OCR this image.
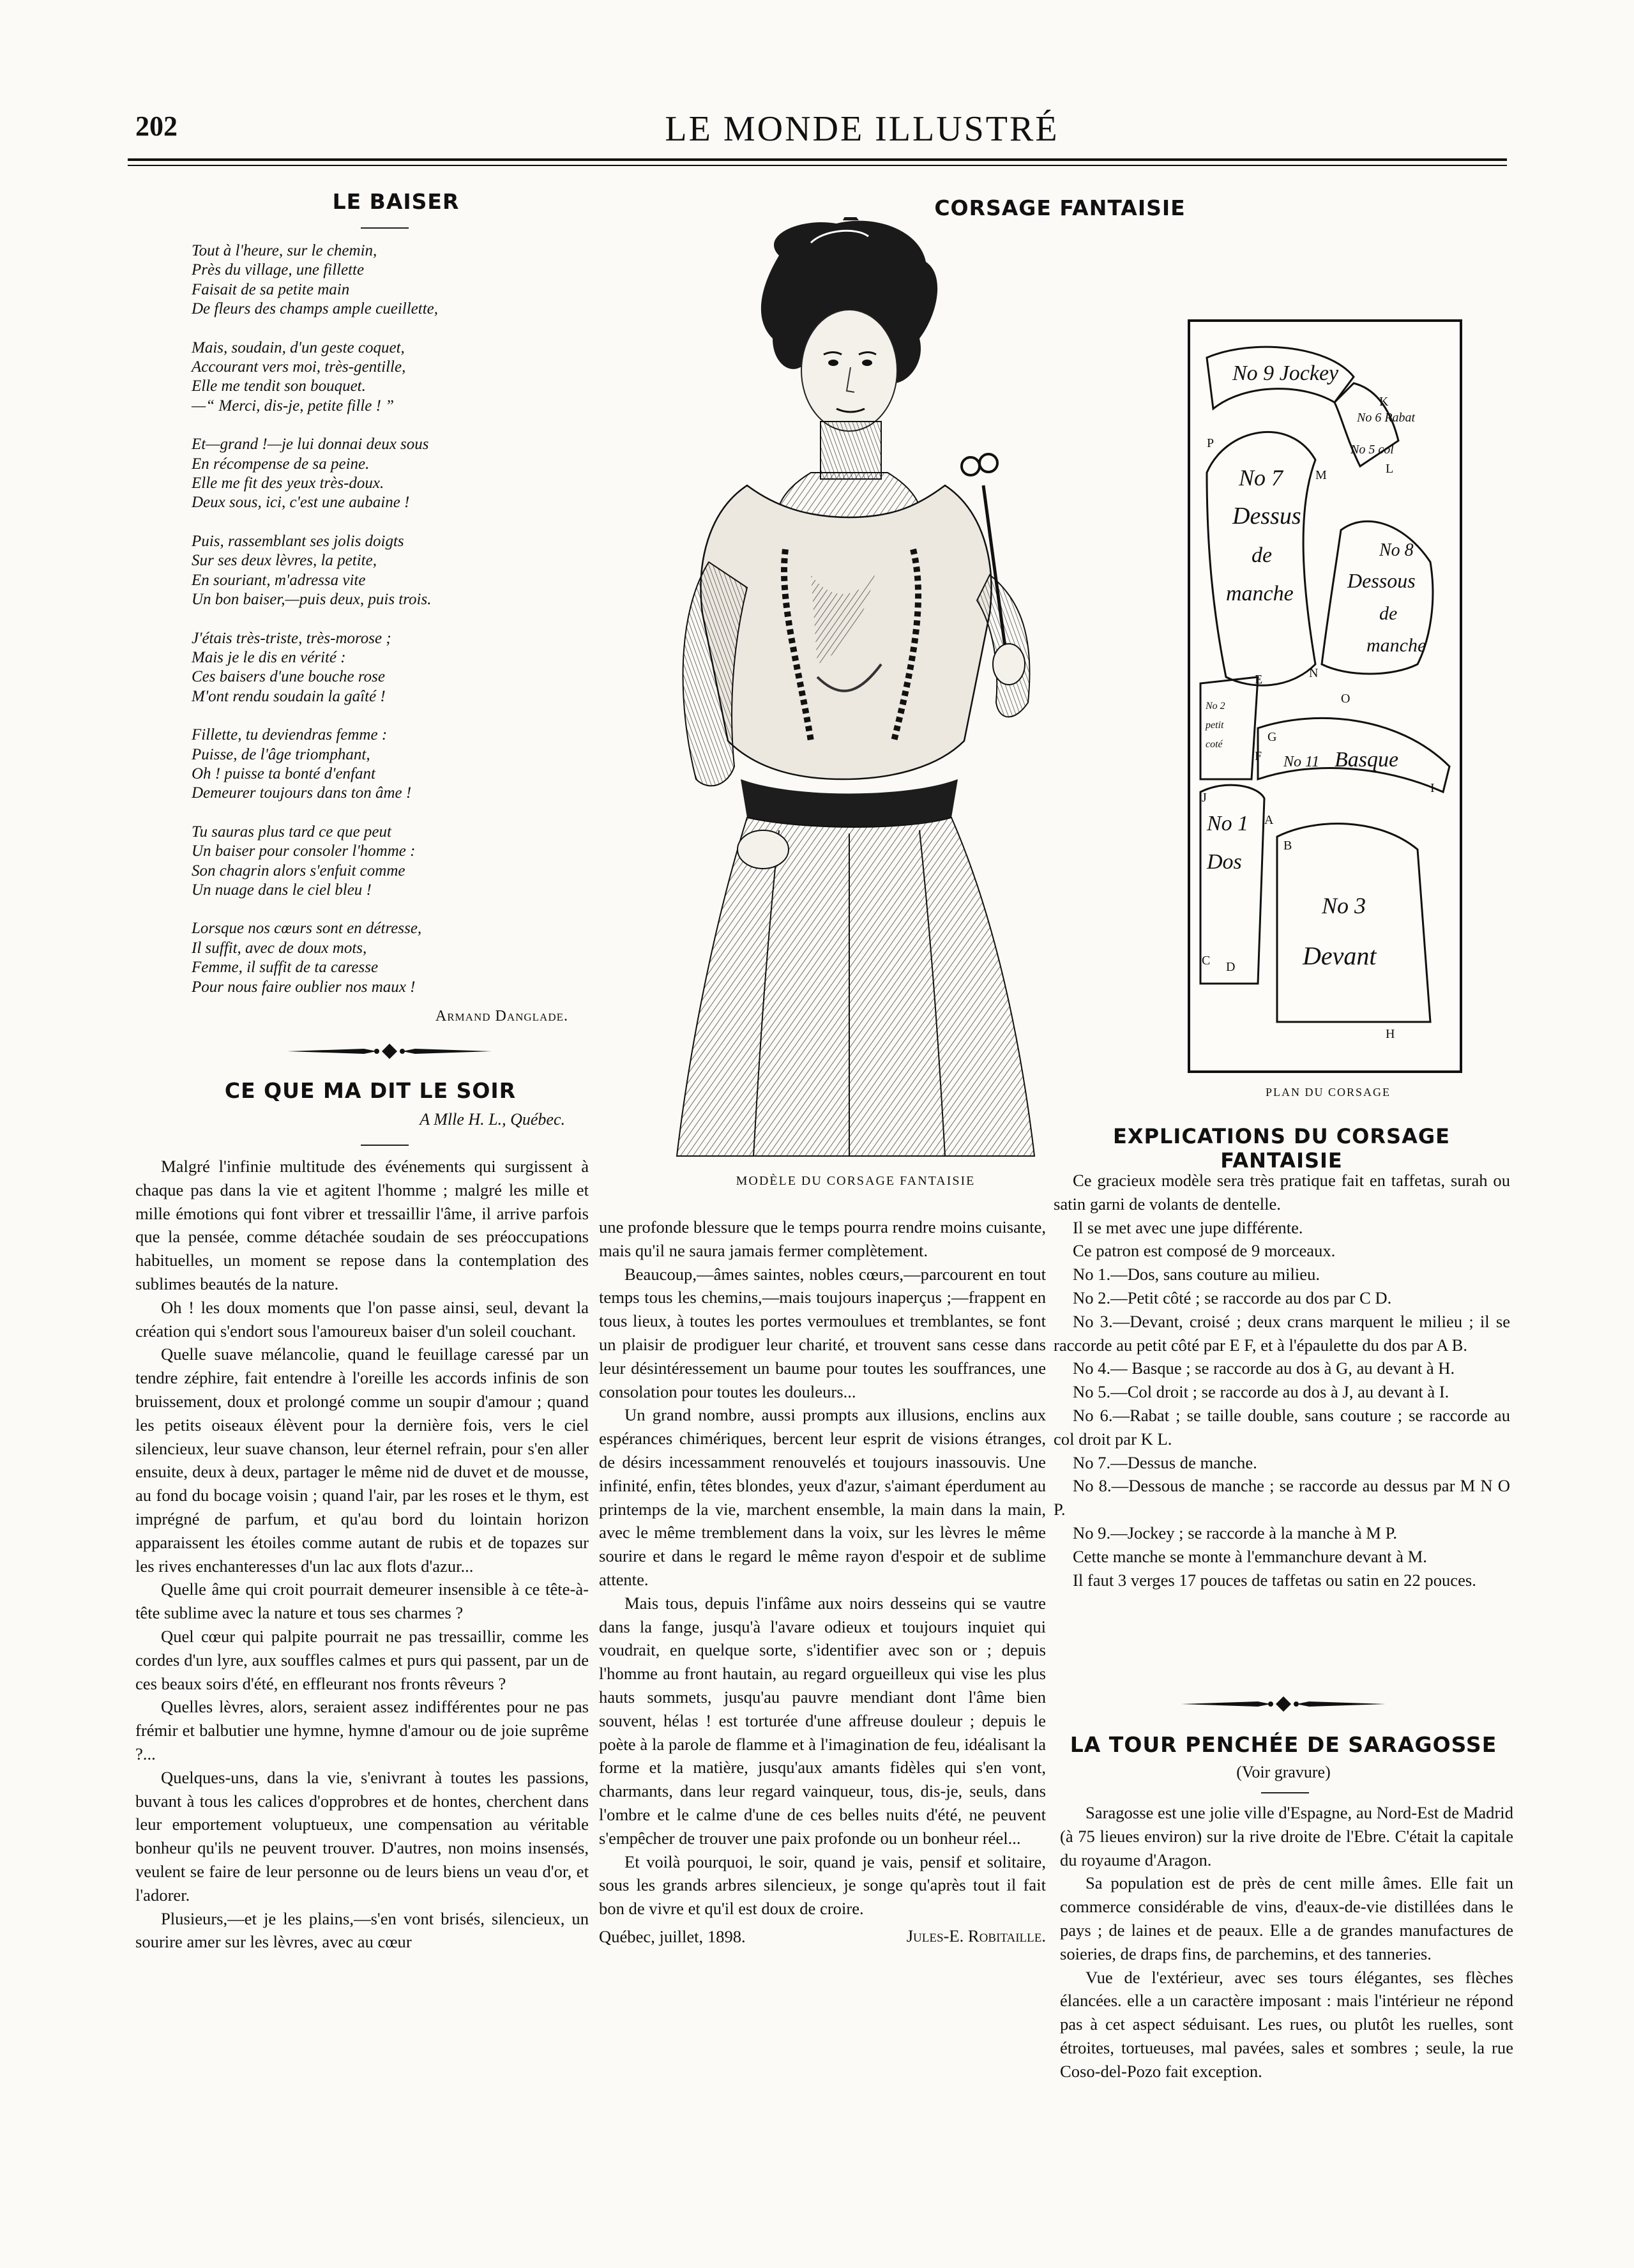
202	LE MONDE ILLUSTRÉ
LE BAISER
Tout à l'heure, sur le chemin,
Près du village, une fillette
Faisait de sa petite main
De fleurs des champs ample cueillette,
Mais, soudain, d'un geste coquet,
Accourant vers moi, très-gentille,
Elle me tendit son bouquet.
—“ Merci, dis-je, petite fille ! ”
Et—grand !—je lui donnai deux sous
En récompense de sa peine.
Elle me fit des yeux très-doux.
Deux sous, ici, c'est une aubaine !
Puis, rassemblant ses jolis doigts
Sur ses deux lèvres, la petite,
En souriant, m'adressa vite
Un bon baiser,—puis deux, puis trois.
J'étais très-triste, très-morose ;
Mais je le dis en vérité :
Ces baisers d'une bouche rose
M'ont rendu soudain la gaîté !
Fillette, tu deviendras femme :
Puisse, de l'âge triomphant,
Oh ! puisse ta bonté d'enfant
Demeurer toujours dans ton âme !
Tu sauras plus tard ce que peut
Un baiser pour consoler l'homme :
Son chagrin alors s'enfuit comme
Un nuage dans le ciel bleu !
Lorsque nos cœurs sont en détresse,
Il suffit, avec de doux mots,
Femme, il suffit de ta caresse
Pour nous faire oublier nos maux !
Armand Danglade.
CE QUE MA DIT LE SOIR
A Mlle H. L., Québec.

Malgré l'infinie multitude des événements qui surgissent à chaque pas dans la vie et agitent l'homme ; malgré les mille et mille émotions qui font vibrer et tressaillir l'âme, il arrive parfois que la pensée, comme détachée soudain de ses préoccupations habituelles, un moment se repose dans la contemplation des sublimes beautés de la nature.

Oh ! les doux moments que l'on passe ainsi, seul, devant la création qui s'endort sous l'amoureux baiser d'un soleil couchant.

Quelle suave mélancolie, quand le feuillage caressé par un tendre zéphire, fait entendre à l'oreille les accords infinis de son bruissement, doux et prolongé comme un soupir d'amour ; quand les petits oiseaux élèvent pour la dernière fois, vers le ciel silencieux, leur suave chanson, leur éternel refrain, pour s'en aller ensuite, deux à deux, partager le même nid de duvet et de mousse, au fond du bocage voisin ; quand l'air, par les roses et le thym, est imprégné de parfum, et qu'au bord du lointain horizon apparaissent les étoiles comme autant de rubis et de topazes sur les rives enchanteresses d'un lac aux flots d'azur...

Quelle âme qui croit pourrait demeurer insensible à ce tête-à-tête sublime avec la nature et tous ses charmes ?

Quel cœur qui palpite pourrait ne pas tressaillir, comme les cordes d'un lyre, aux souffles calmes et purs qui passent, par un de ces beaux soirs d'été, en effleurant nos fronts rêveurs ?

Quelles lèvres, alors, seraient assez indifférentes pour ne pas frémir et balbutier une hymne, hymne d'amour ou de joie suprême ?...

Quelques-uns, dans la vie, s'enivrant à toutes les passions, buvant à tous les calices d'opprobres et de hontes, cherchent dans leur emportement voluptueux, une compensation au véritable bonheur qu'ils ne peuvent trouver. D'autres, non moins insensés, veulent se faire de leur personne ou de leurs biens un veau d'or, et l'adorer.

Plusieurs,—et je les plains,—s'en vont brisés, silencieux, un sourire amer sur les lèvres, avec au cœur

CORSAGE FANTAISIE
MODÈLE DU CORSAGE FANTAISIE
No 9 Jockey
No 6 Rabat
No 5 col
No 7
Dessus
de
manche
No 8
Dessous
de
manche
No 2
petit
coté
No 11 Basque
No 1
Dos
No 3
Devant
P
K
L
M
N
O
E
F
G
J
I
A
B
C D
H
PLAN DU CORSAGE

une profonde blessure que le temps pourra rendre moins cuisante, mais qu'il ne saura jamais fermer complètement.

Beaucoup,—âmes saintes, nobles cœurs,—parcourent en tout temps tous les chemins,—mais toujours inaperçus ;—frappent en tous lieux, à toutes les portes vermoulues et tremblantes, se font un plaisir de prodiguer leur charité, et trouvent sans cesse dans leur désintéressement un baume pour toutes les souffrances, une consolation pour toutes les douleurs...

Un grand nombre, aussi prompts aux illusions, enclins aux espérances chimériques, bercent leur esprit de visions étranges, de désirs incessamment renouvelés et toujours inassouvis. Une infinité, enfin, têtes blondes, yeux d'azur, s'aimant éperdument au printemps de la vie, marchent ensemble, la main dans la main, avec le même tremblement dans la voix, sur les lèvres le même sourire et dans le regard le même rayon d'espoir et de sublime attente.

Mais tous, depuis l'infâme aux noirs desseins qui se vautre dans la fange, jusqu'à l'avare odieux et toujours inquiet qui voudrait, en quelque sorte, s'identifier avec son or ; depuis l'homme au front hautain, au regard orgueilleux qui vise les plus hauts sommets, jusqu'au pauvre mendiant dont l'âme bien souvent, hélas ! est torturée d'une affreuse douleur ; depuis le poète à la parole de flamme et à l'imagination de feu, idéalisant la forme et la matière, jusqu'aux amants fidèles qui s'en vont, charmants, dans leur regard vainqueur, tous, dis-je, seuls, dans l'ombre et le calme d'une de ces belles nuits d'été, ne peuvent s'empêcher de trouver une paix profonde ou un bonheur réel...

Et voilà pourquoi, le soir, quand je vais, pensif et solitaire, sous les grands arbres silencieux, je songe qu'après tout il fait bon de vivre et qu'il est doux de croire.

Jules-E. Robitaille.

Québec, juillet, 1898.

EXPLICATIONS DU CORSAGE FANTAISIE

Ce gracieux modèle sera très pratique fait en taffetas, surah ou satin garni de volants de dentelle.

Il se met avec une jupe différente.

Ce patron est composé de 9 morceaux.

No 1.—Dos, sans couture au milieu.

No 2.—Petit côté ; se raccorde au dos par C D.

No 3.—Devant, croisé ; deux crans marquent le milieu ; il se raccorde au petit côté par E F, et à l'épaulette du dos par A B.

No 4.— Basque ; se raccorde au dos à G, au devant à H.

No 5.—Col droit ; se raccorde au dos à J, au devant à I.

No 6.—Rabat ; se taille double, sans couture ; se raccorde au col droit par K L.

No 7.—Dessus de manche.

No 8.—Dessous de manche ; se raccorde au dessus par M N O P.

No 9.—Jockey ; se raccorde à la manche à M P.

Cette manche se monte à l'emmanchure devant à M.

Il faut 3 verges 17 pouces de taffetas ou satin en 22 pouces.

LA TOUR PENCHÉE DE SARAGOSSE
(Voir gravure)

Saragosse est une jolie ville d'Espagne, au Nord-Est de Madrid (à 75 lieues environ) sur la rive droite de l'Ebre. C'était la capitale du royaume d'Aragon.

Sa population est de près de cent mille âmes. Elle fait un commerce considérable de vins, d'eaux-de-vie distillées dans le pays ; de laines et de peaux. Elle a de grandes manufactures de soieries, de draps fins, de parchemins, et des tanneries.

Vue de l'extérieur, avec ses tours élégantes, ses flèches élancées. elle a un caractère imposant : mais l'intérieur ne répond pas à cet aspect séduisant. Les rues, ou plutôt les ruelles, sont étroites, tortueuses, mal pavées, sales et sombres ; seule, la rue Coso-del-Pozo fait exception.
